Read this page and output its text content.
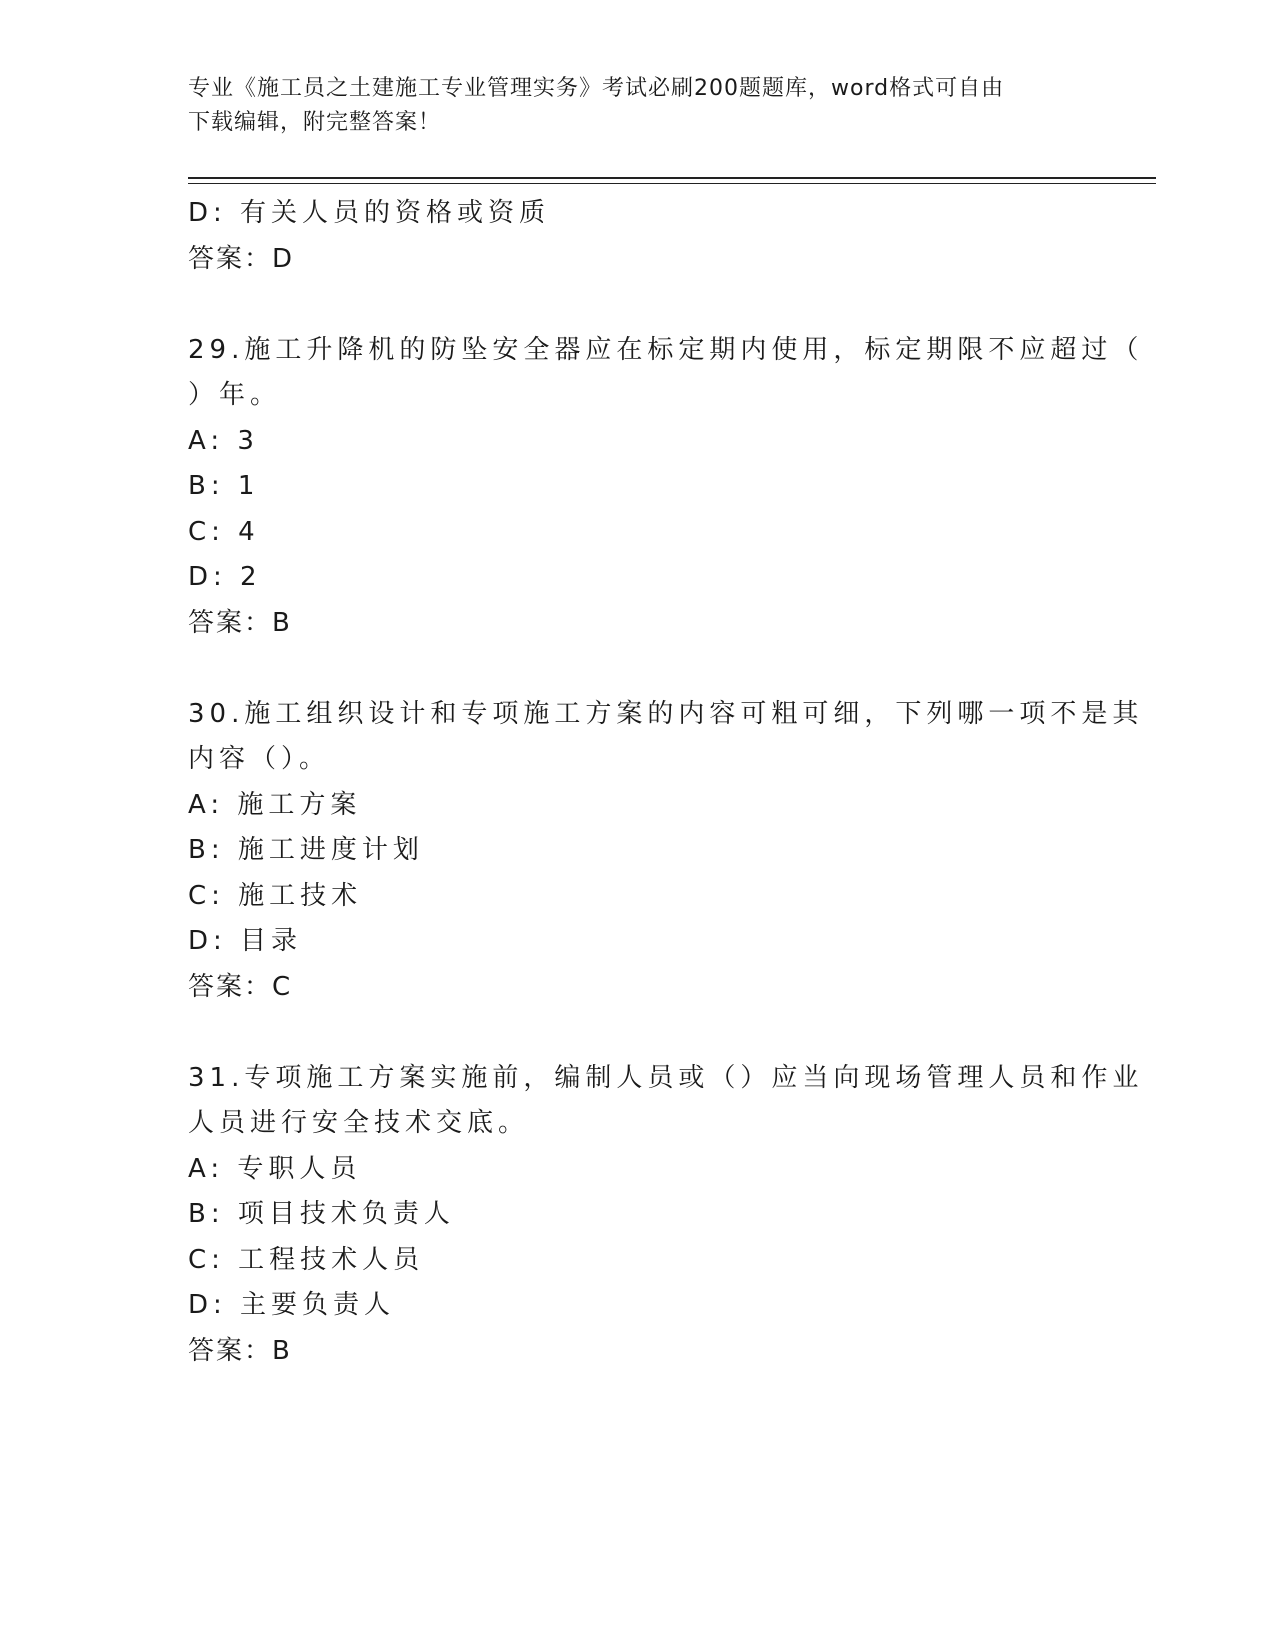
专业《施工员之土建施工专业管理实务》考试必刷200题题库，word格式可自由
下载编辑，附完整答案！
D: 有关人员的资格或资质
答案：D
29.施工升降机的防坠安全器应在标定期内使用，标定期限不应超过（
）年。
A: 3
B: 1
C: 4
D: 2
答案：B
30.施工组织设计和专项施工方案的内容可粗可细，下列哪一项不是其
内容（）。
A: 施工方案
B: 施工进度计划
C: 施工技术
D: 目录
答案：C
31.专项施工方案实施前，编制人员或（）应当向现场管理人员和作业
人员进行安全技术交底。
A: 专职人员
B: 项目技术负责人
C: 工程技术人员
D: 主要负责人
答案：B
